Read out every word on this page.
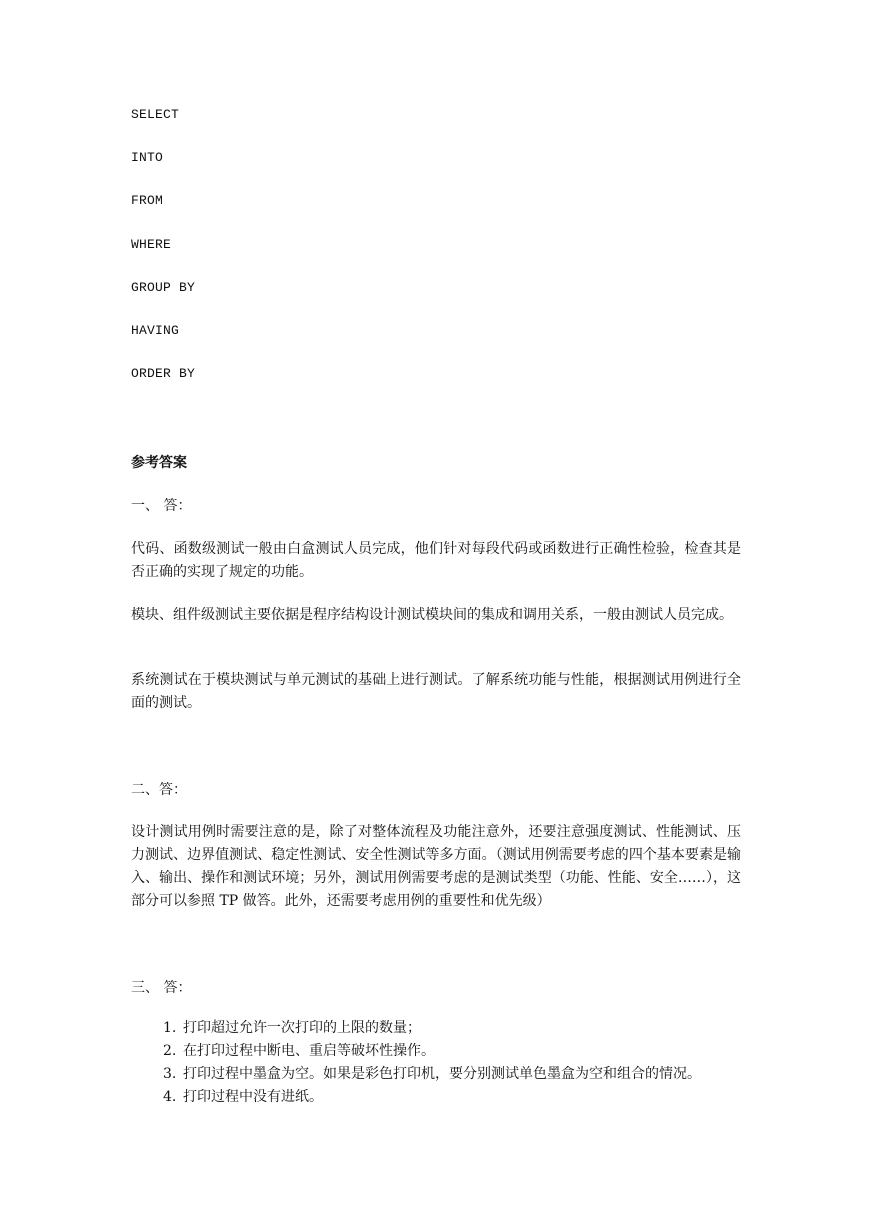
SELECT
INTO
FROM
WHERE
GROUP BY
HAVING
ORDER BY
参考答案
一、 答：
代码、函数级测试一般由白盒测试人员完成，他们针对每段代码或函数进行正确性检验，检查其是否正确的实现了规定的功能。
模块、组件级测试主要依据是程序结构设计测试模块间的集成和调用关系，一般由测试人员完成。
系统测试在于模块测试与单元测试的基础上进行测试。了解系统功能与性能，根据测试用例进行全面的测试。
二、答：
设计测试用例时需要注意的是，除了对整体流程及功能注意外，还要注意强度测试、性能测试、压力测试、边界值测试、稳定性测试、安全性测试等多方面。（测试用例需要考虑的四个基本要素是输入、输出、操作和测试环境；另外，测试用例需要考虑的是测试类型（功能、性能、安全……），这部分可以参照 TP 做答。此外，还需要考虑用例的重要性和优先级）
三、 答：
1. 打印超过允许一次打印的上限的数量；
2. 在打印过程中断电、重启等破坏性操作。
3. 打印过程中墨盒为空。如果是彩色打印机，要分别测试单色墨盒为空和组合的情况。
4. 打印过程中没有进纸。
